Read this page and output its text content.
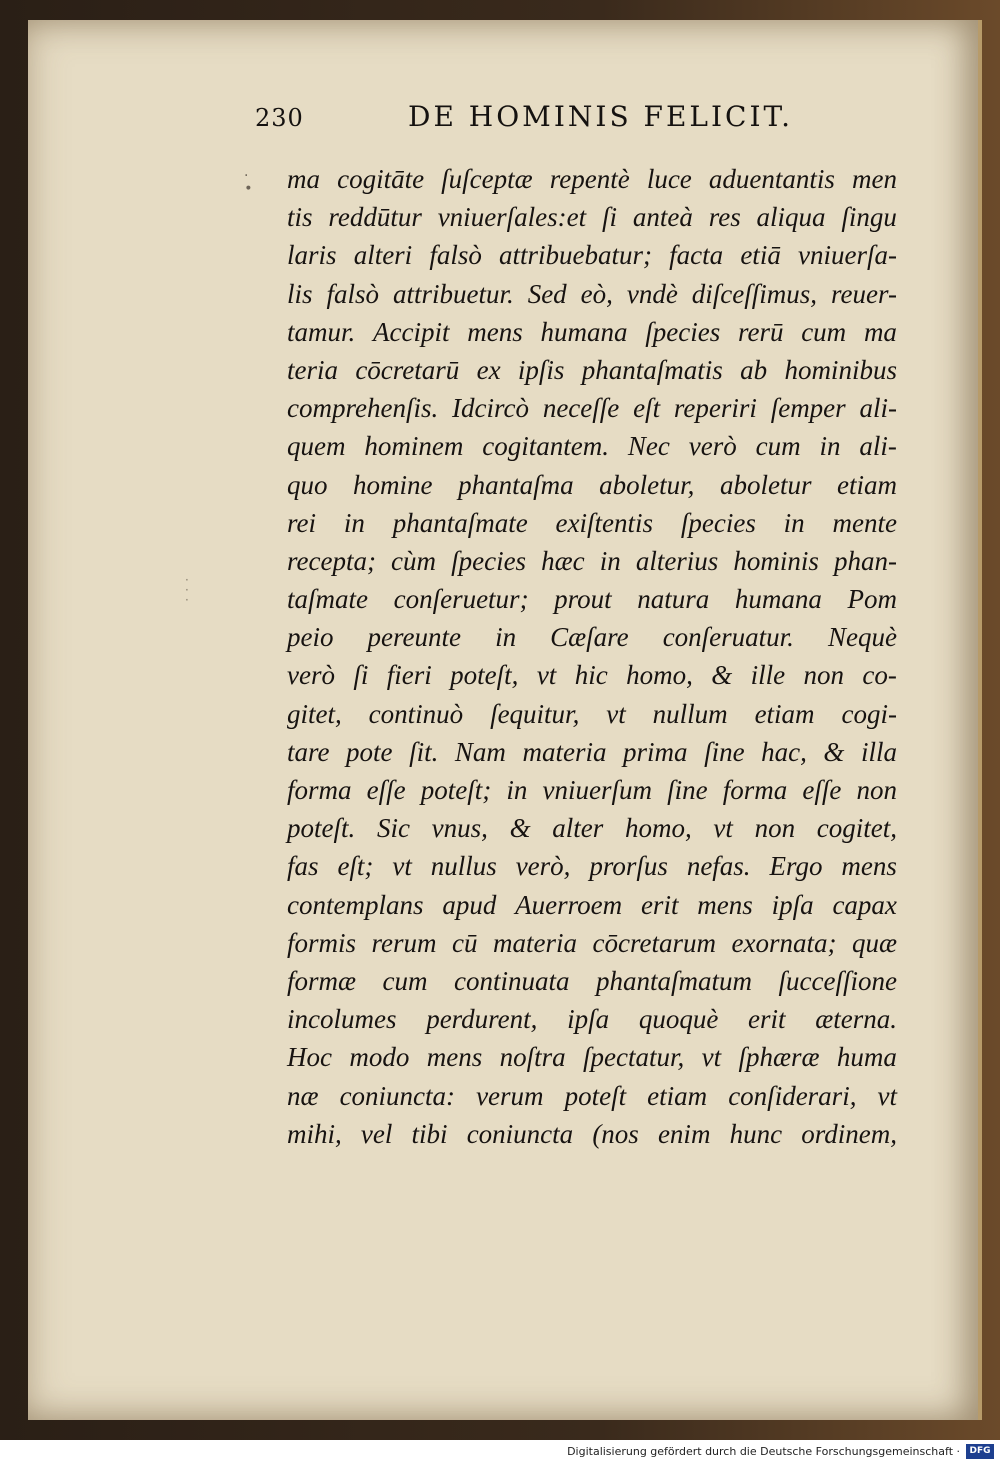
·
∙
·
·
·
230	DE HOMINIS FELICIT.
ma cogitāte ſuſceptæ repentè luce aduentantis men
tis reddūtur vniuerſales:et ſi anteà res aliqua ſingu
laris alteri falsò attribuebatur; facta etiā vniuerſa-
lis falsò attribuetur. Sed eò, vndè diſceſſimus, reuer-
tamur. Accipit mens humana ſpecies rerū cum ma
teria cōcretarū ex ipſis phantaſmatis ab hominibus
comprehenſis. Idcircò neceſſe eſt reperiri ſemper ali-
quem hominem cogitantem. Nec verò cum in ali-
quo homine phantaſma aboletur, aboletur etiam
rei in phantaſmate exiſtentis ſpecies in mente
recepta; cùm ſpecies hæc in alterius hominis phan-
taſmate conſeruetur; prout natura humana Pom
peio pereunte in Cæſare conſeruatur. Nequè
verò ſi fieri poteſt, vt hic homo, & ille non co-
gitet, continuò ſequitur, vt nullum etiam cogi-
tare pote ſit. Nam materia prima ſine hac, & illa
forma eſſe poteſt; in vniuerſum ſine forma eſſe non
poteſt. Sic vnus, & alter homo, vt non cogitet,
fas eſt; vt nullus verò, prorſus nefas. Ergo mens
contemplans apud Auerroem erit mens ipſa capax
formis rerum cū materia cōcretarum exornata; quæ
formæ cum continuata phantaſmatum ſucceſſione
incolumes perdurent, ipſa quoquè erit æterna.
Hoc modo mens noſtra ſpectatur, vt ſphæræ huma
næ coniuncta: verum poteſt etiam conſiderari, vt
mihi, vel tibi coniuncta (nos enim hunc ordinem,
Digitalisierung gefördert durch die Deutsche Forschungsgemeinschaft ·	DFG
